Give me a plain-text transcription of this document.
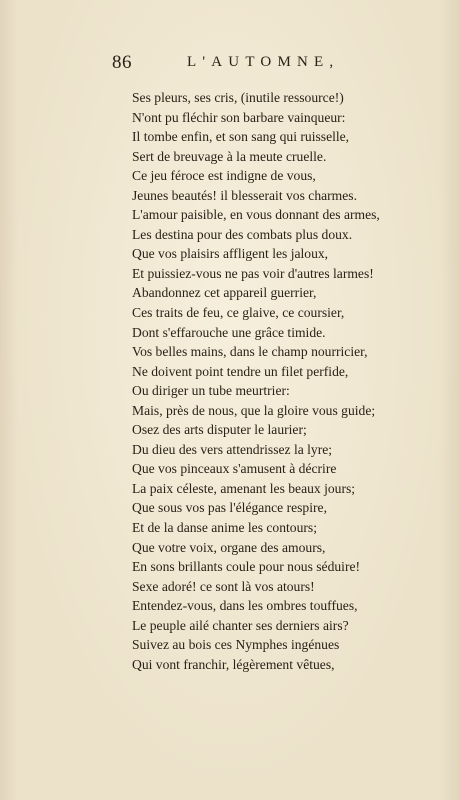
86	L'AUTOMNE,
Ses pleurs, ses cris, (inutile ressource!)
N'ont pu fléchir son barbare vainqueur:
Il tombe enfin, et son sang qui ruisselle,
Sert de breuvage à la meute cruelle.
Ce jeu féroce est indigne de vous,
Jeunes beautés! il blesserait vos charmes.
L'amour paisible, en vous donnant des armes,
Les destina pour des combats plus doux.
Que vos plaisirs affligent les jaloux,
Et puissiez-vous ne pas voir d'autres larmes!
Abandonnez cet appareil guerrier,
Ces traits de feu, ce glaive, ce coursier,
Dont s'effarouche une grâce timide.
Vos belles mains, dans le champ nourricier,
Ne doivent point tendre un filet perfide,
Ou diriger un tube meurtrier:
Mais, près de nous, que la gloire vous guide;
Osez des arts disputer le laurier;
Du dieu des vers attendrissez la lyre;
Que vos pinceaux s'amusent à décrire
La paix céleste, amenant les beaux jours;
Que sous vos pas l'élégance respire,
Et de la danse anime les contours;
Que votre voix, organe des amours,
En sons brillants coule pour nous séduire!
Sexe adoré! ce sont là vos atours!
Entendez-vous, dans les ombres touffues,
Le peuple ailé chanter ses derniers airs?
Suivez au bois ces Nymphes ingénues
Qui vont franchir, légèrement vêtues,
